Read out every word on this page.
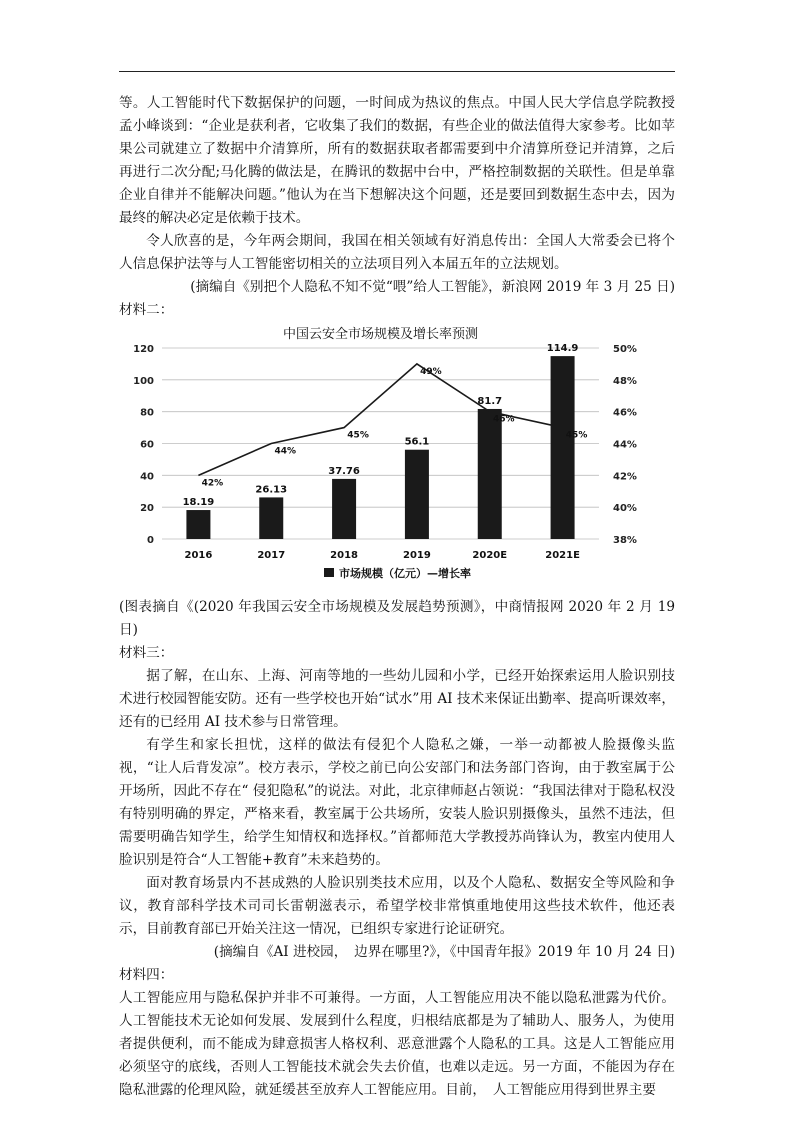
等。人工智能时代下数据保护的问题，一时间成为热议的焦点。中国人民大学信息学院教授孟小峰谈到：“企业是获利者，它收集了我们的数据，有些企业的做法值得大家参考。比如苹果公司就建立了数据中介清算所，所有的数据获取者都需要到中介清算所登记并清算，之后再进行二次分配;马化腾的做法是，在腾讯的数据中台中，严格控制数据的关联性。但是单靠企业自律并不能解决问题。”他认为在当下想解决这个问题，还是要回到数据生态中去，因为最终的解决必定是依赖于技术。

令人欣喜的是，今年两会期间，我国在相关领域有好消息传出：全国人大常委会已将个人信息保护法等与人工智能密切相关的立法项目列入本届五年的立法规划。

(摘编自《别把个人隐私不知不觉“喂”给人工智能》，新浪网 2019 年 3 月 25 日)

材料二：

中国云安全市场规模及增长率预测
0
20
40
60
80
100
120
38%
40%
42%
44%
46%
48%
50%
18.19
26.13
37.76
56.1
81.7
114.9
42%
44%
45%
49%
46%
45%
2016	2017	2018	2019	2020E	2021E
市场规模（亿元）—增长率

(图表摘自《(2020 年我国云安全市场规模及发展趋势预测》，中商情报网 2020 年 2 月 19 日)

材料三：

据了解，在山东、上海、河南等地的一些幼儿园和小学，已经开始探索运用人脸识别技术进行校园智能安防。还有一些学校也开始“试水”用 AI 技术来保证出勤率、提高听课效率，还有的已经用 AI 技术参与日常管理。

有学生和家长担忧，这样的做法有侵犯个人隐私之嫌，一举一动都被人脸摄像头监视，“让人后背发凉”。校方表示，学校之前已向公安部门和法务部门咨询，由于教室属于公开场所，因此不存在“ 侵犯隐私”的说法。对此，北京律师赵占领说：“我国法律对于隐私权没有特别明确的界定，严格来看，教室属于公共场所，安装人脸识别摄像头，虽然不违法，但需要明确告知学生，给学生知情权和选择权。”首都师范大学教授苏尚锋认为，教室内使用人脸识别是符合“人工智能+教育”未来趋势的。

面对教育场景内不甚成熟的人脸识别类技术应用，以及个人隐私、数据安全等风险和争议，教育部科学技术司司长雷朝滋表示，希望学校非常慎重地使用这些技术软件，他还表示，目前教育部已开始关注这一情况，已组织专家进行论证研究。

(摘编自《AI 进校园，　边界在哪里?》，《中国青年报》2019 年 10 月 24 日)

材料四：

人工智能应用与隐私保护并非不可兼得。一方面，人工智能应用决不能以隐私泄露为代价。人工智能技术无论如何发展、发展到什么程度，归根结底都是为了辅助人、服务人，为使用者提供便利，而不能成为肆意损害人格权利、恶意泄露个人隐私的工具。这是人工智能应用必须坚守的底线，否则人工智能技术就会失去价值，也难以走远。另一方面，不能因为存在隐私泄露的伦理风险，就延缓甚至放弃人工智能应用。目前，　人工智能应用得到世界主要
